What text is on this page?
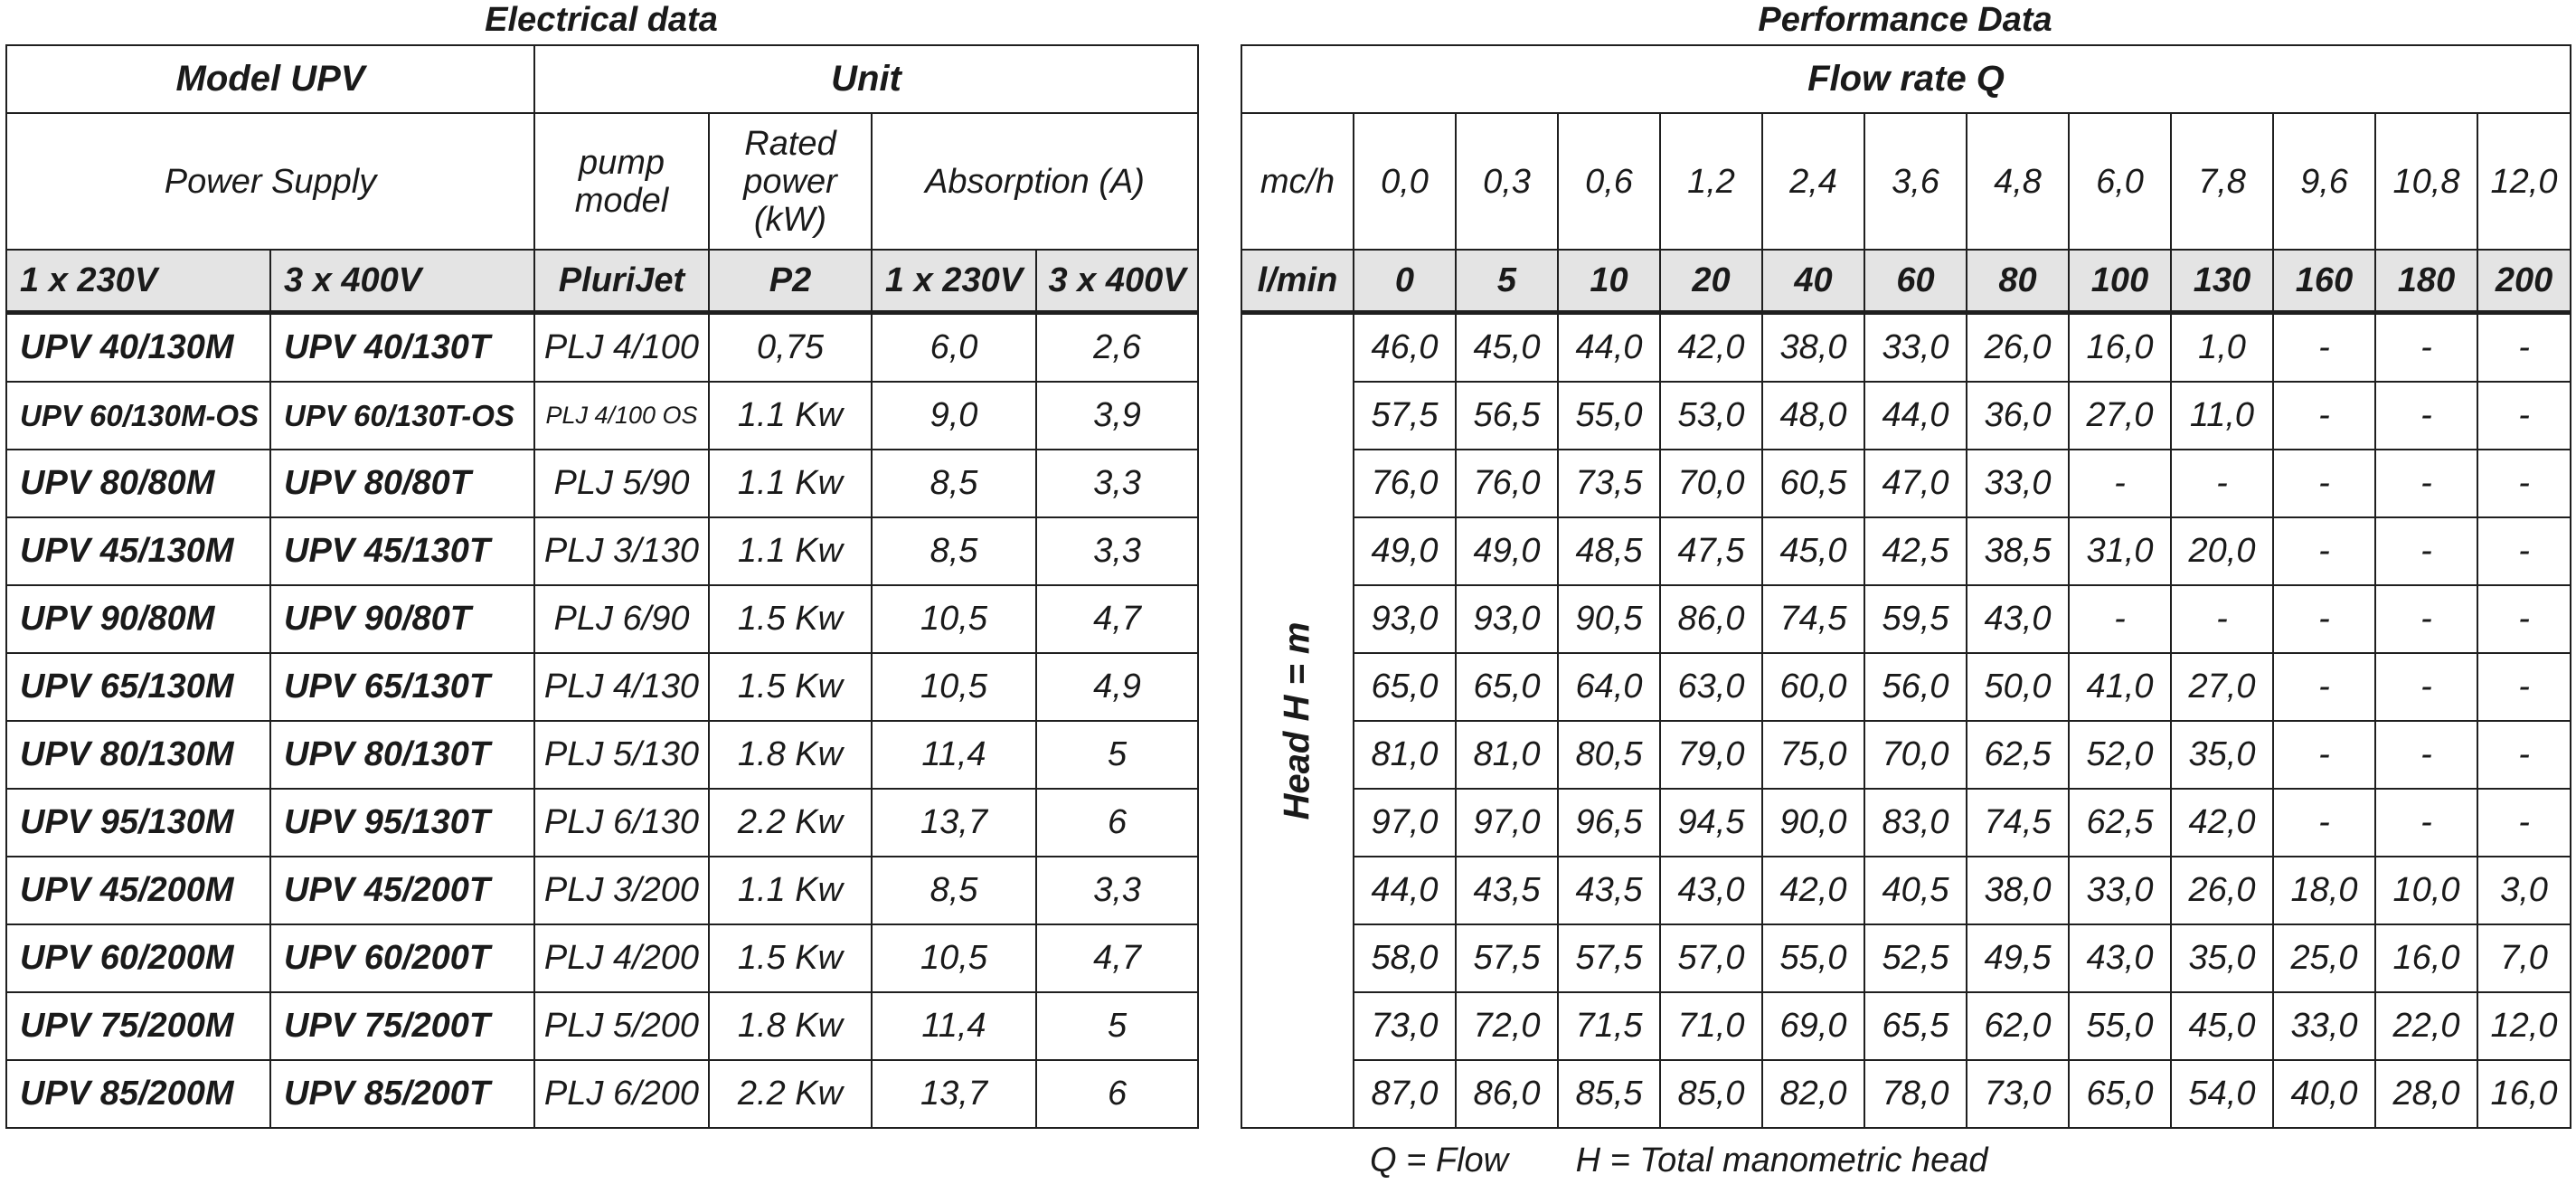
Electrical data	Performance Data
Model UPV		Unit			
Power Supply		pump model	Rated power (kW)	Absorption (A)	
1 x 230V	3 x 400V	PluriJet	P2	1 x 230V	3 x 400V
UPV 40/130M	UPV 40/130T	PLJ 4/100	0,75	6,0	2,6
UPV 60/130M-OS	UPV 60/130T-OS	PLJ 4/100 OS	1.1 Kw	9,0	3,9
UPV 80/80M	UPV 80/80T	PLJ 5/90	1.1 Kw	8,5	3,3
UPV 45/130M	UPV 45/130T	PLJ 3/130	1.1 Kw	8,5	3,3
UPV 90/80M	UPV 90/80T	PLJ 6/90	1.5 Kw	10,5	4,7
UPV 65/130M	UPV 65/130T	PLJ 4/130	1.5 Kw	10,5	4,9
UPV 80/130M	UPV 80/130T	PLJ 5/130	1.8 Kw	11,4	5
UPV 95/130M	UPV 95/130T	PLJ 6/130	2.2 Kw	13,7	6
UPV 45/200M	UPV 45/200T	PLJ 3/200	1.1 Kw	8,5	3,3
UPV 60/200M	UPV 60/200T	PLJ 4/200	1.5 Kw	10,5	4,7
UPV 75/200M	UPV 75/200T	PLJ 5/200	1.8 Kw	11,4	5
UPV 85/200M	UPV 85/200T	PLJ 6/200	2.2 Kw	13,7	6
Flow rate Q												
mc/h	0,0	0,3	0,6	1,2	2,4	3,6	4,8	6,0	7,8	9,6	10,8	12,0
l/min	0	5	10	20	40	60	80	100	130	160	180	200

Head H = m	46,0	45,0	44,0	42,0	38,0	33,0	26,0	16,0	1,0	-	-	-
	57,5	56,5	55,0	53,0	48,0	44,0	36,0	27,0	11,0	-	-	-
	76,0	76,0	73,5	70,0	60,5	47,0	33,0	-	-	-	-	-
	49,0	49,0	48,5	47,5	45,0	42,5	38,5	31,0	20,0	-	-	-
	93,0	93,0	90,5	86,0	74,5	59,5	43,0	-	-	-	-	-
	65,0	65,0	64,0	63,0	60,0	56,0	50,0	41,0	27,0	-	-	-
	81,0	81,0	80,5	79,0	75,0	70,0	62,5	52,0	35,0	-	-	-
	97,0	97,0	96,5	94,5	90,0	83,0	74,5	62,5	42,0	-	-	-
	44,0	43,5	43,5	43,0	42,0	40,5	38,0	33,0	26,0	18,0	10,0	3,0
	58,0	57,5	57,5	57,0	55,0	52,5	49,5	43,0	35,0	25,0	16,0	7,0
	73,0	72,0	71,5	71,0	69,0	65,5	62,0	55,0	45,0	33,0	22,0	12,0
	87,0	86,0	85,5	85,0	82,0	78,0	73,0	65,0	54,0	40,0	28,0	16,0
Q = Flow H = Total manometric head
